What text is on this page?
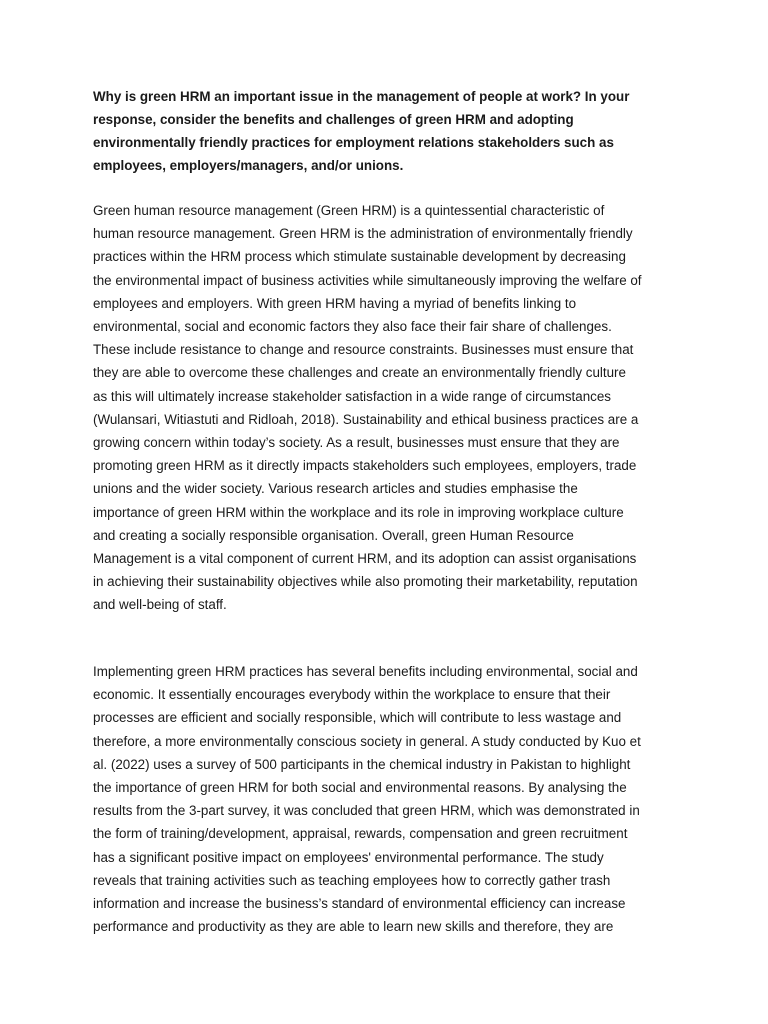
Why is green HRM an important issue in the management of people at work? In your
response, consider the benefits and challenges of green HRM and adopting
environmentally friendly practices for employment relations stakeholders such as
employees, employers/managers, and/or unions.

Green human resource management (Green HRM) is a quintessential characteristic of
human resource management. Green HRM is the administration of environmentally friendly
practices within the HRM process which stimulate sustainable development by decreasing
the environmental impact of business activities while simultaneously improving the welfare of
employees and employers. With green HRM having a myriad of benefits linking to
environmental, social and economic factors they also face their fair share of challenges.
These include resistance to change and resource constraints. Businesses must ensure that
they are able to overcome these challenges and create an environmentally friendly culture
as this will ultimately increase stakeholder satisfaction in a wide range of circumstances
(Wulansari, Witiastuti and Ridloah, 2018). Sustainability and ethical business practices are a
growing concern within today’s society. As a result, businesses must ensure that they are
promoting green HRM as it directly impacts stakeholders such employees, employers, trade
unions and the wider society. Various research articles and studies emphasise the
importance of green HRM within the workplace and its role in improving workplace culture
and creating a socially responsible organisation. Overall, green Human Resource
Management is a vital component of current HRM, and its adoption can assist organisations
in achieving their sustainability objectives while also promoting their marketability, reputation
and well-being of staff.

Implementing green HRM practices has several benefits including environmental, social and
economic. It essentially encourages everybody within the workplace to ensure that their
processes are efficient and socially responsible, which will contribute to less wastage and
therefore, a more environmentally conscious society in general. A study conducted by Kuo et
al. (2022) uses a survey of 500 participants in the chemical industry in Pakistan to highlight
the importance of green HRM for both social and environmental reasons. By analysing the
results from the 3-part survey, it was concluded that green HRM, which was demonstrated in
the form of training/development, appraisal, rewards, compensation and green recruitment
has a significant positive impact on employees' environmental performance. The study
reveals that training activities such as teaching employees how to correctly gather trash
information and increase the business’s standard of environmental efficiency can increase
performance and productivity as they are able to learn new skills and therefore, they are
